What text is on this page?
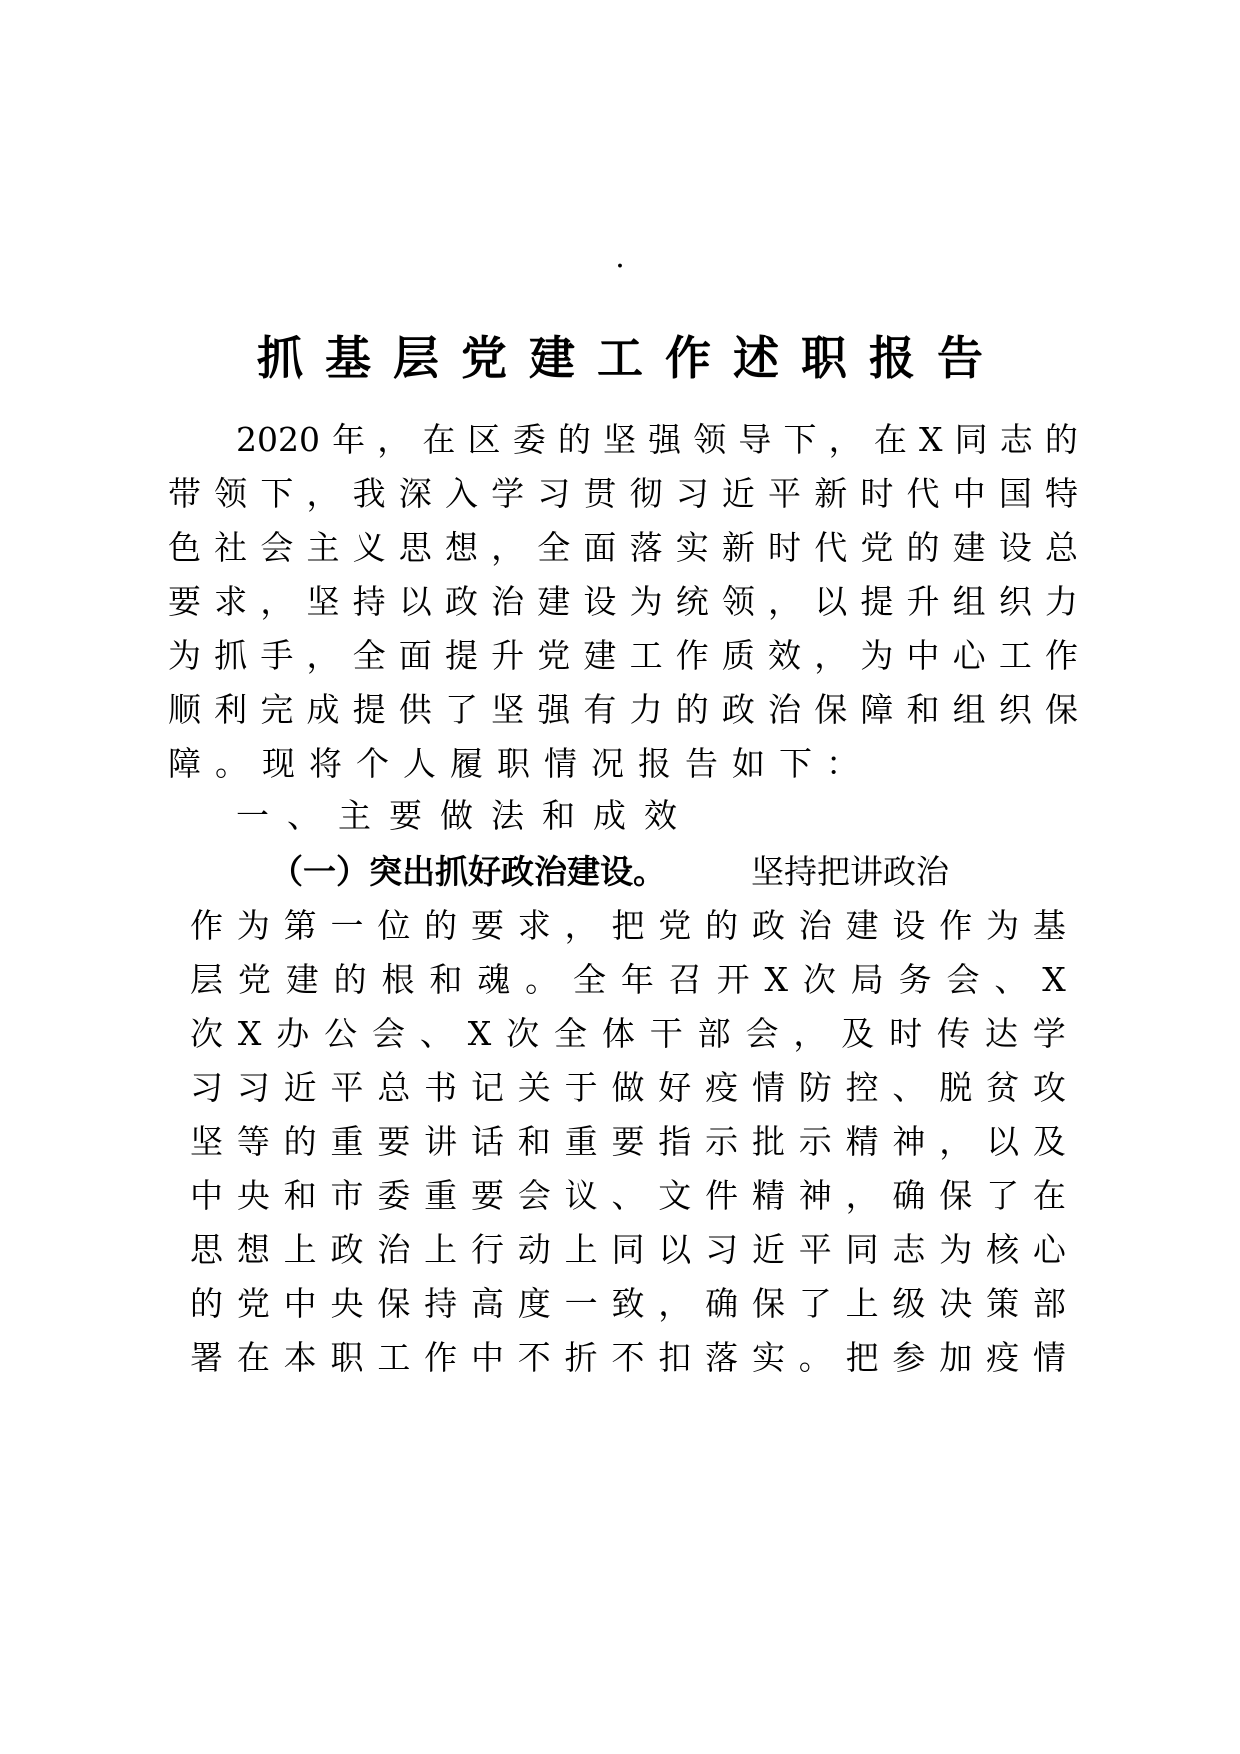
·
抓基层党建工作述职报告
2020 年 ， 在 区 委 的 坚 强 领 导 下 ， 在 X 同 志 的
带 领 下 ， 我 深 入 学 习 贯 彻 习 近 平 新 时 代 中 国 特
色 社 会 主 义 思 想 ， 全 面 落 实 新 时 代 党 的 建 设 总
要 求 ， 坚 持 以 政 治 建 设 为 统 领 ， 以 提 升 组 织 力
为 抓 手 ， 全 面 提 升 党 建 工 作 质 效 ， 为 中 心 工 作
顺 利 完 成 提 供 了 坚 强 有 力 的 政 治 保 障 和 组 织 保
障。现将个人履职情况报告如下：
一、主要做法和成效
（一）突出抓好政治建设。	坚持把讲政治
作 为 第 一 位 的 要 求 ， 把 党 的 政 治 建 设 作 为 基
层 党 建 的 根 和 魂 。 全 年 召 开 X 次 局 务 会 、 X
次 X 办 公 会 、 X 次 全 体 干 部 会 ， 及 时 传 达 学
习 习 近 平 总 书 记 关 于 做 好 疫 情 防 控 、 脱 贫 攻
坚 等 的 重 要 讲 话 和 重 要 指 示 批 示 精 神 ， 以 及
中 央 和 市 委 重 要 会 议 、 文 件 精 神 ， 确 保 了 在
思 想 上 政 治 上 行 动 上 同 以 习 近 平 同 志 为 核 心
的 党 中 央 保 持 高 度 一 致 ， 确 保 了 上 级 决 策 部
署 在 本 职 工 作 中 不 折 不 扣 落 实 。 把 参 加 疫 情
